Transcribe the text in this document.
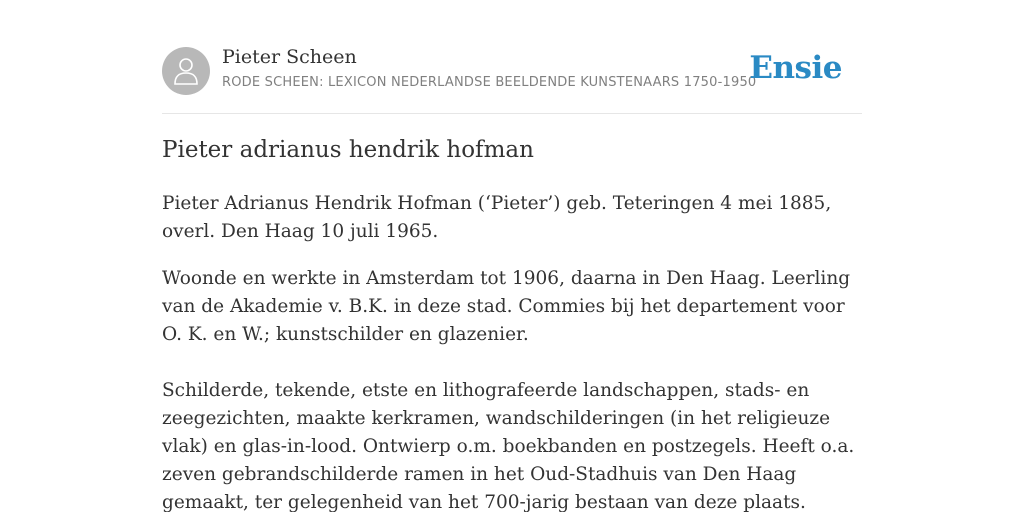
Pieter Scheen
RODE SCHEEN: LEXICON NEDERLANDSE BEELDENDE KUNSTENAARS 1750-1950
Ensie
Pieter adrianus hendrik hofman

Pieter Adrianus Hendrik Hofman (‘Pieter’) geb. Teteringen 4 mei 1885, overl. Den Haag 10 juli 1965.

Woonde en werkte in Amsterdam tot 1906, daarna in Den Haag. Leerling van de Akademie v. B.K. in deze stad. Commies bij het departement voor O. K. en W.; kunstschilder en glazenier.

Schilderde, tekende, etste en lithografeerde landschappen, stads- en zeegezichten, maakte kerkramen, wandschilderingen (in het religieuze vlak) en glas-in-lood. Ontwierp o.m. boekbanden en postzegels. Heeft o.a. zeven gebrandschilderde ramen in het Oud-Stadhuis van Den Haag gemaakt, ter gelegenheid van het 700-jarig bestaan van deze plaats.
